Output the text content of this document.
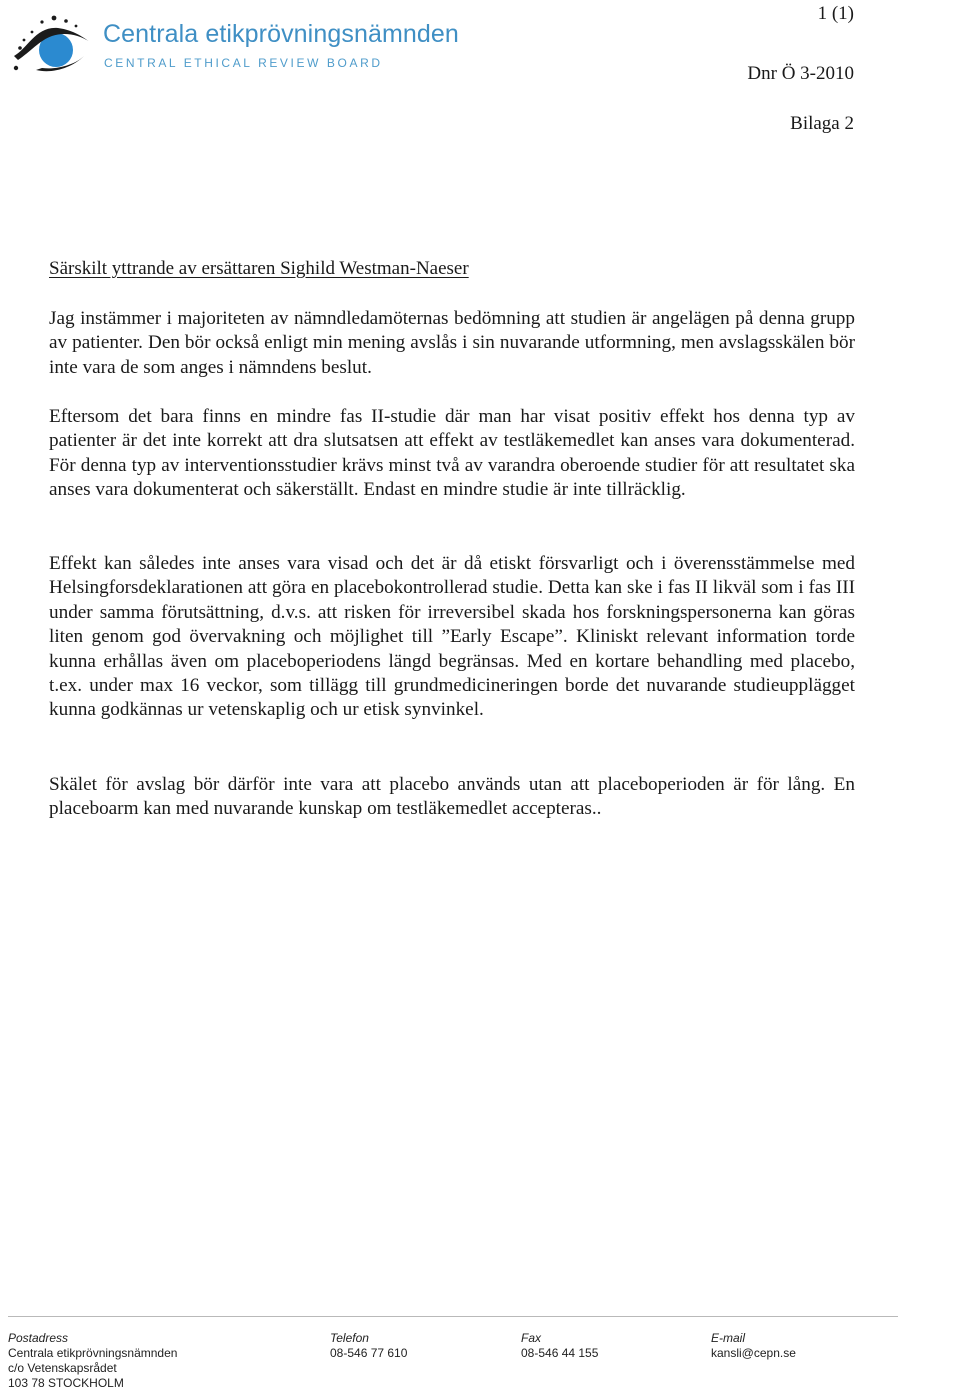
Centrala etikprövningsnämnden
CENTRAL ETHICAL REVIEW BOARD
1 (1)
Dnr Ö 3-2010
Bilaga 2
Särskilt yttrande av ersättaren Sighild Westman-Naeser

Jag instämmer i majoriteten av nämndledamöternas bedömning att studien är angelägen på denna grupp av patienter. Den bör också enligt min mening avslås i sin nuvarande utformning, men avslagsskälen bör inte vara de som anges i nämndens beslut.

Eftersom det bara finns en mindre fas II-studie där man har visat positiv effekt hos denna typ av patienter är det inte korrekt att dra slutsatsen att effekt av testläkemedlet kan anses vara dokumenterad. För denna typ av interventionsstudier krävs minst två av varandra oberoende studier för att resultatet ska anses vara dokumenterat och säkerställt. Endast en mindre studie är inte tillräcklig.

Effekt kan således inte anses vara visad och det är då etiskt försvarligt och i överensstämmelse med Helsingforsdeklarationen att göra en placebokontrollerad studie. Detta kan ske i fas II likväl som i fas III under samma förutsättning, d.v.s. att risken för irreversibel skada hos forskningspersonerna kan göras liten genom god övervakning och möjlighet till ”Early Escape”. Kliniskt relevant information torde kunna erhållas även om placeboperiodens längd begränsas. Med en kortare behandling med placebo, t.ex. under max 16 veckor, som tillägg till grundmedicineringen borde det nuvarande studieupplägget kunna godkännas ur vetenskaplig och ur etisk synvinkel.

Skälet för avslag bör därför inte vara att placebo används utan att placeboperioden är för lång. En placeboarm kan med nuvarande kunskap om testläkemedlet accepteras..

Postadress
Centrala etikprövningsnämnden
c/o Vetenskapsrådet
103 78 STOCKHOLM
Telefon
08-546 77 610
Fax
08-546 44 155
E-mail
kansli@cepn.se
